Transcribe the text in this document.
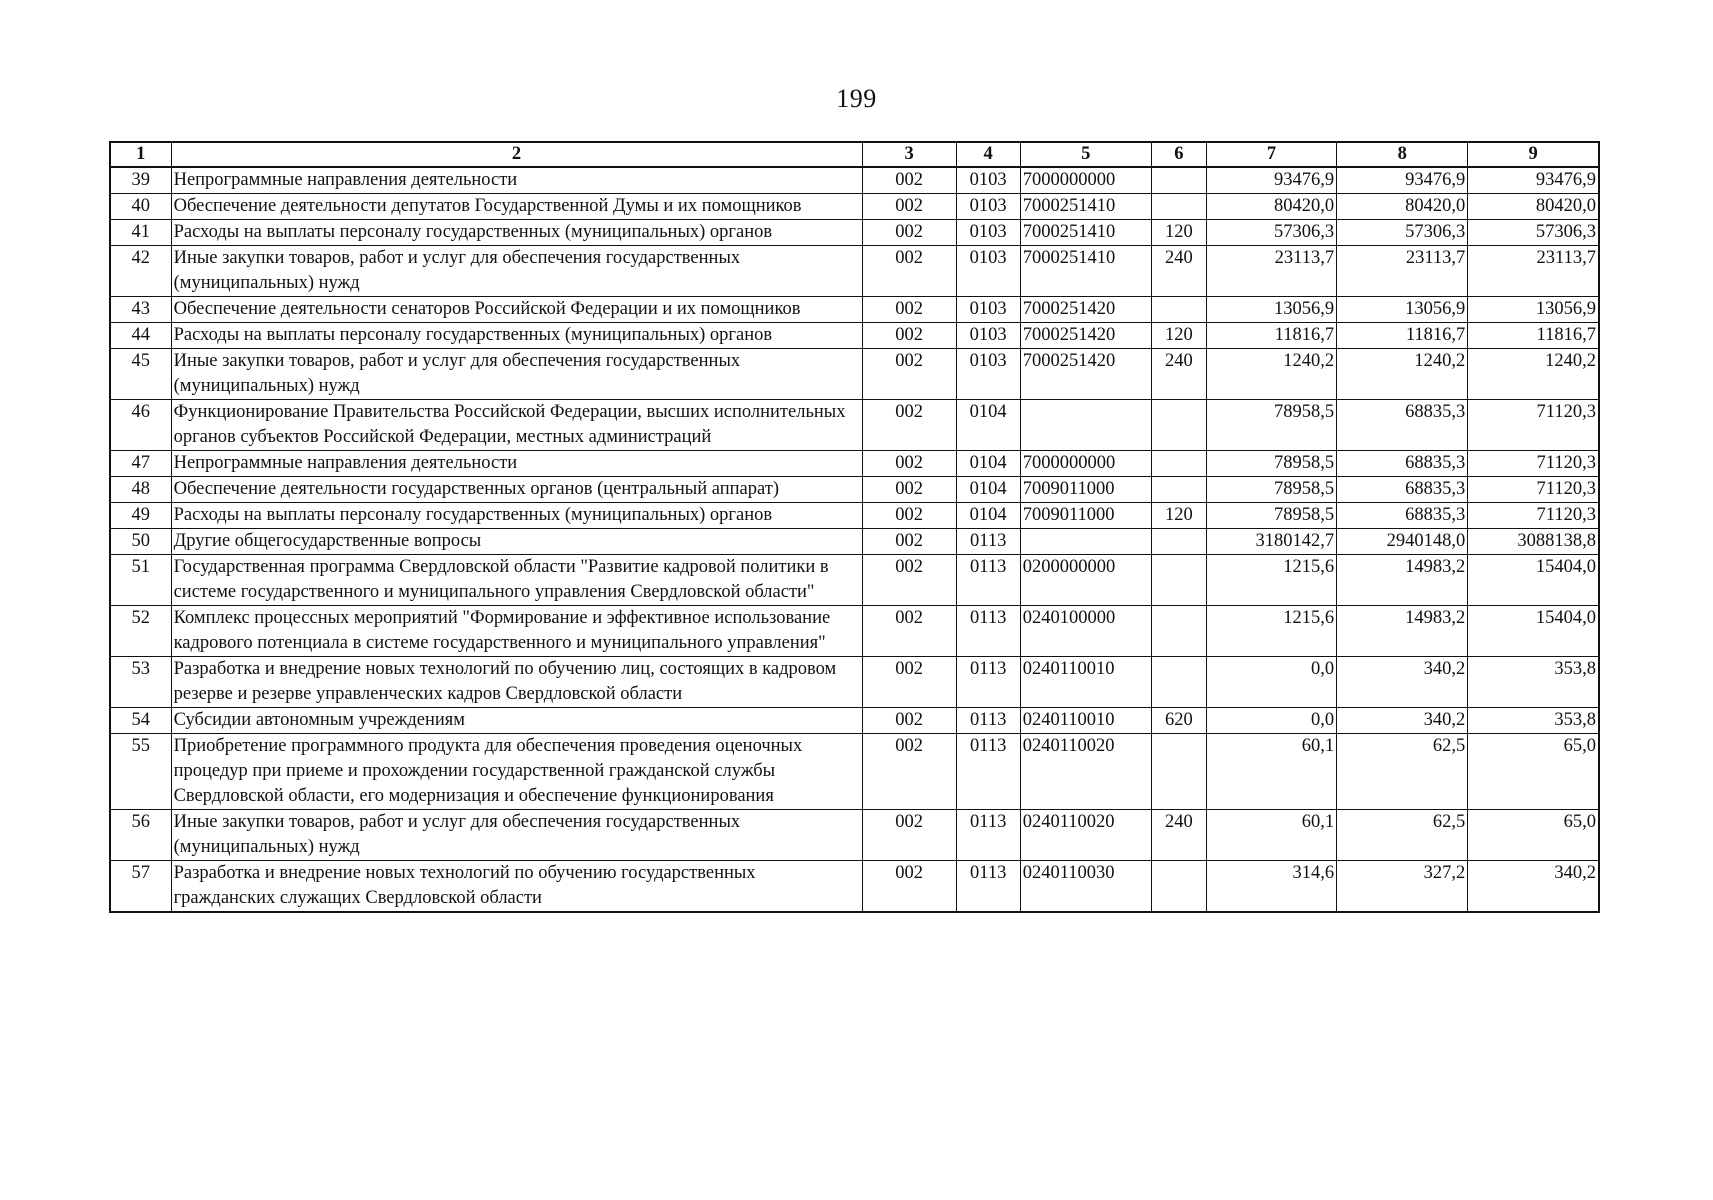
199
1	2	3	4	5	6	7	8	9
39	Непрограммные направления деятельности	002	0103	7000000000		93476,9	93476,9	93476,9
40	Обеспечение деятельности депутатов Государственной Думы и их помощников	002	0103	7000251410		80420,0	80420,0	80420,0
41	Расходы на выплаты персоналу государственных (муниципальных) органов	002	0103	7000251410	120	57306,3	57306,3	57306,3
42	Иные закупки товаров, работ и услуг для обеспечения государственных (муниципальных) нужд	002	0103	7000251410	240	23113,7	23113,7	23113,7
43	Обеспечение деятельности сенаторов Российской Федерации и их помощников	002	0103	7000251420		13056,9	13056,9	13056,9
44	Расходы на выплаты персоналу государственных (муниципальных) органов	002	0103	7000251420	120	11816,7	11816,7	11816,7
45	Иные закупки товаров, работ и услуг для обеспечения государственных (муниципальных) нужд	002	0103	7000251420	240	1240,2	1240,2	1240,2
46	Функционирование Правительства Российской Федерации, высших исполнительных органов субъектов Российской Федерации, местных администраций	002	0104			78958,5	68835,3	71120,3
47	Непрограммные направления деятельности	002	0104	7000000000		78958,5	68835,3	71120,3
48	Обеспечение деятельности государственных органов (центральный аппарат)	002	0104	7009011000		78958,5	68835,3	71120,3
49	Расходы на выплаты персоналу государственных (муниципальных) органов	002	0104	7009011000	120	78958,5	68835,3	71120,3
50	Другие общегосударственные вопросы	002	0113			3180142,7	2940148,0	3088138,8
51	Государственная программа Свердловской области "Развитие кадровой политики в системе государственного и муниципального управления Свердловской области"	002	0113	0200000000		1215,6	14983,2	15404,0
52	Комплекс процессных мероприятий "Формирование и эффективное использование кадрового потенциала в системе государственного и муниципального управления"	002	0113	0240100000		1215,6	14983,2	15404,0
53	Разработка и внедрение новых технологий по обучению лиц, состоящих в кадровом резерве и резерве управленческих кадров Свердловской области	002	0113	0240110010		0,0	340,2	353,8
54	Субсидии автономным учреждениям	002	0113	0240110010	620	0,0	340,2	353,8
55	Приобретение программного продукта для обеспечения проведения оценочных процедур при приеме и прохождении государственной гражданской службы Свердловской области, его модернизация и обеспечение функционирования	002	0113	0240110020		60,1	62,5	65,0
56	Иные закупки товаров, работ и услуг для обеспечения государственных (муниципальных) нужд	002	0113	0240110020	240	60,1	62,5	65,0
57	Разработка и внедрение новых технологий по обучению государственных гражданских служащих Свердловской области	002	0113	0240110030		314,6	327,2	340,2
